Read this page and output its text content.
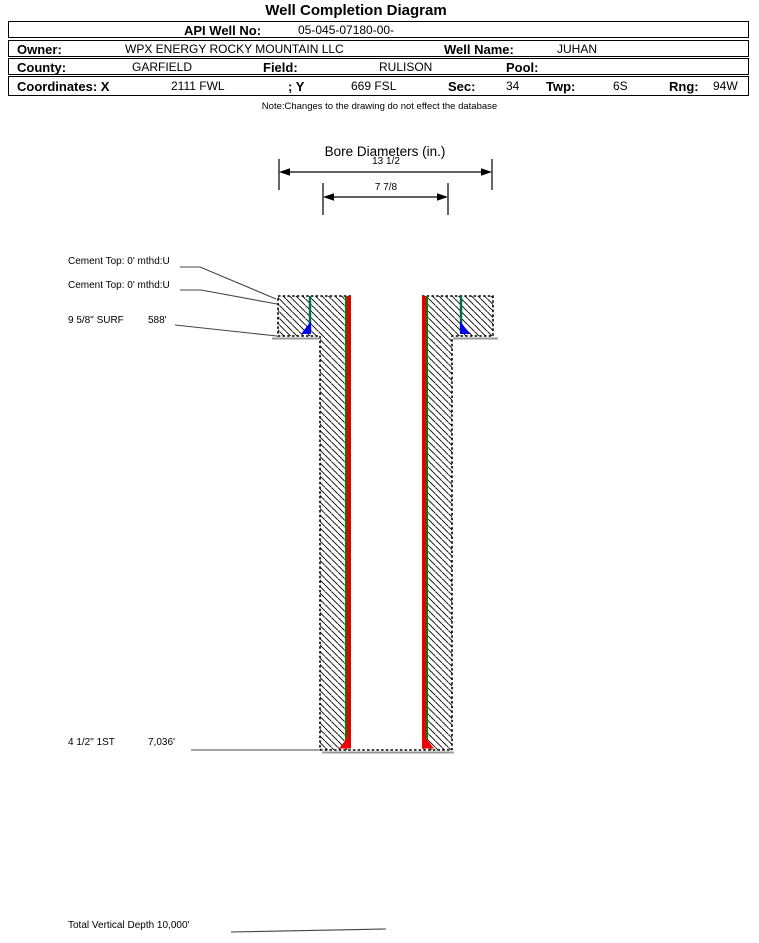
Well Completion Diagram
API Well No:	05-045-07180-00-
Owner:	WPX ENERGY ROCKY MOUNTAIN LLC	Well Name:	JUHAN
County:	GARFIELD	Field:	RULISON	Pool:
Coordinates: X	2111 FWL	; Y	669 FSL	Sec:	34 Twp:	6S	Rng: 94W
Note:Changes to the drawing do not effect the database
Bore Diameters (in.)
13 1/2
7 7/8
Cement Top: 0' mthd:U
Cement Top: 0' mthd:U
9 5/8" SURF 588'
4 1/2" 1ST	7,036'
Total Vertical Depth 10,000'
